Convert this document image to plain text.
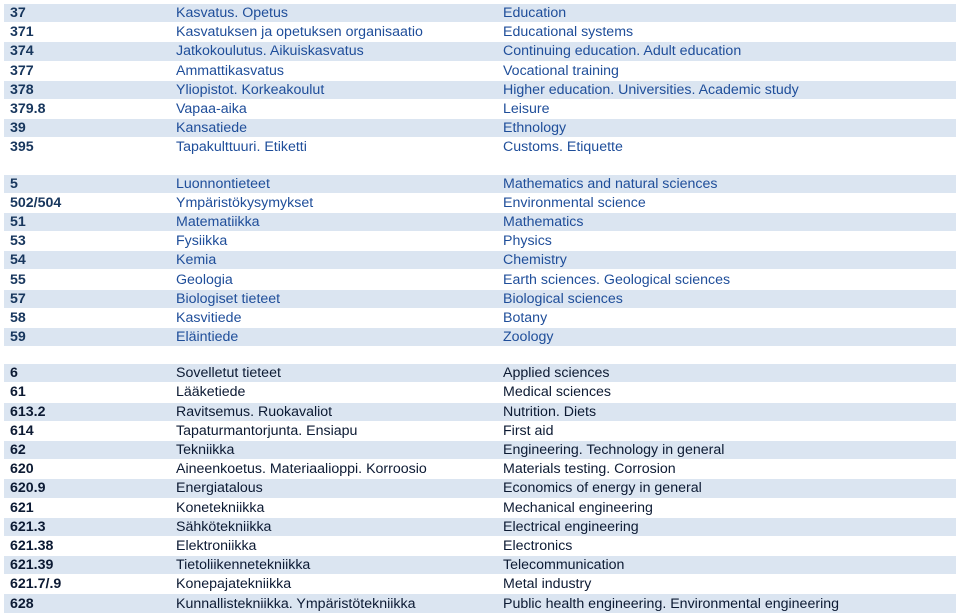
37	Kasvatus. Opetus	Education
371	Kasvatuksen ja opetuksen organisaatio	Educational systems
374	Jatkokoulutus. Aikuiskasvatus	Continuing education. Adult education
377	Ammattikasvatus	Vocational training
378	Yliopistot. Korkeakoulut	Higher education. Universities. Academic study
379.8	Vapaa-aika	Leisure
39	Kansatiede	Ethnology
395	Tapakulttuuri. Etiketti	Customs. Etiquette

5	Luonnontieteet	Mathematics and natural sciences
502/504	Ympäristökysymykset	Environmental science
51	Matematiikka	Mathematics
53	Fysiikka	Physics
54	Kemia	Chemistry
55	Geologia	Earth sciences. Geological sciences
57	Biologiset tieteet	Biological sciences
58	Kasvitiede	Botany
59	Eläintiede	Zoology

6	Sovelletut tieteet	Applied sciences
61	Lääketiede	Medical sciences
613.2	Ravitsemus. Ruokavaliot	Nutrition. Diets
614	Tapaturmantorjunta. Ensiapu	First aid
62	Tekniikka	Engineering. Technology in general
620	Aineenkoetus. Materiaalioppi. Korroosio	Materials testing. Corrosion
620.9	Energiatalous	Economics of energy in general
621	Konetekniikka	Mechanical engineering
621.3	Sähkötekniikka	Electrical engineering
621.38	Elektroniikka	Electronics
621.39	Tietoliikennetekniikka	Telecommunication
621.7/.9	Konepajatekniikka	Metal industry
628	Kunnallistekniikka. Ympäristötekniikka	Public health engineering. Environmental engineering
